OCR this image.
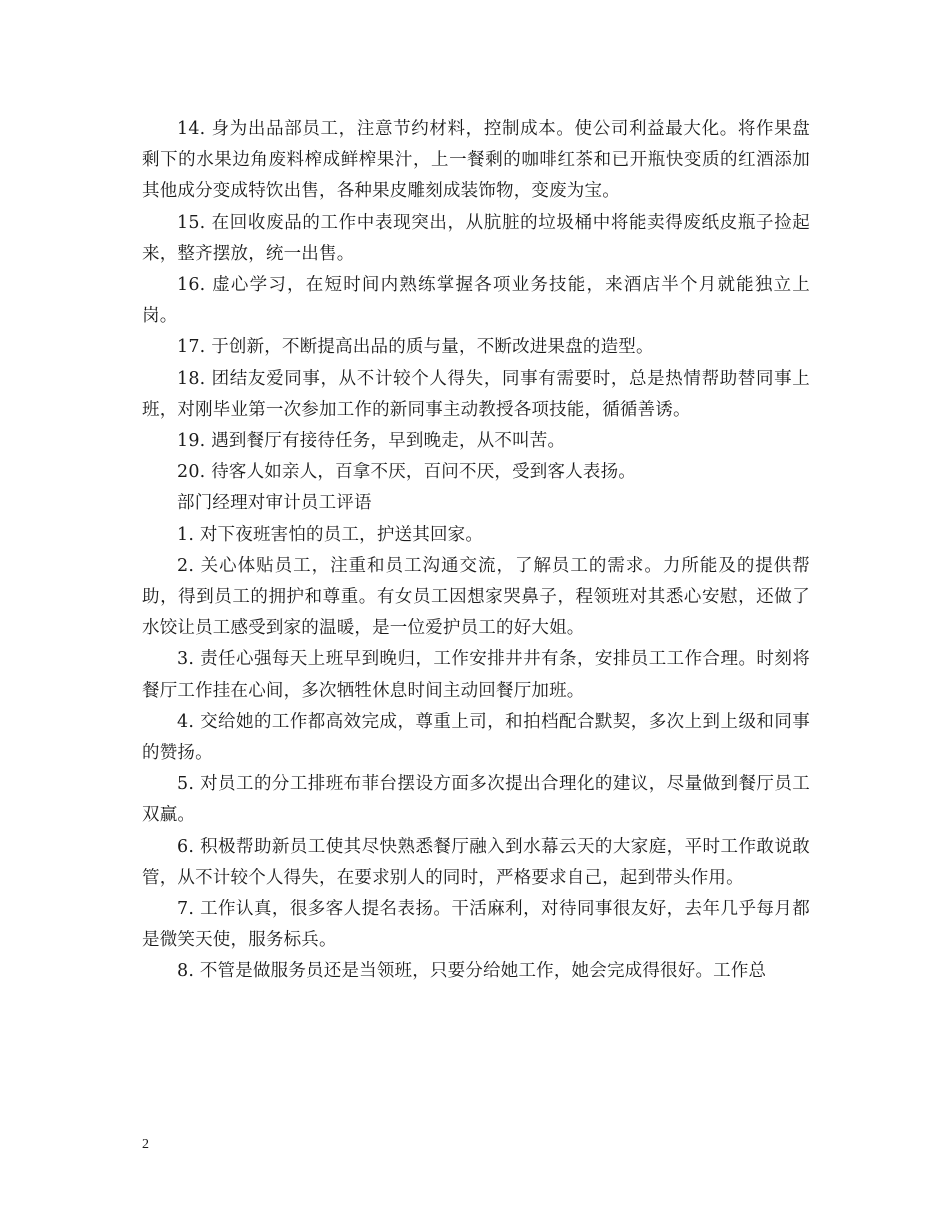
14. 身为出品部员工，注意节约材料，控制成本。使公司利益最大化。将作果盘剩下的水果边角废料榨成鲜榨果汁，上一餐剩的咖啡红茶和已开瓶快变质的红酒添加其他成分变成特饮出售，各种果皮雕刻成装饰物，变废为宝。

15. 在回收废品的工作中表现突出，从肮脏的垃圾桶中将能卖得废纸皮瓶子捡起来，整齐摆放，统一出售。

16. 虚心学习，在短时间内熟练掌握各项业务技能，来酒店半个月就能独立上岗。

17. 于创新，不断提高出品的质与量，不断改进果盘的造型。

18. 团结友爱同事，从不计较个人得失，同事有需要时，总是热情帮助替同事上班，对刚毕业第一次参加工作的新同事主动教授各项技能，循循善诱。

19. 遇到餐厅有接待任务，早到晚走，从不叫苦。

20. 待客人如亲人，百拿不厌，百问不厌，受到客人表扬。

部门经理对审计员工评语

1. 对下夜班害怕的员工，护送其回家。

2. 关心体贴员工，注重和员工沟通交流，了解员工的需求。力所能及的提供帮助，得到员工的拥护和尊重。有女员工因想家哭鼻子，程领班对其悉心安慰，还做了水饺让员工感受到家的温暖，是一位爱护员工的好大姐。

3. 责任心强每天上班早到晚归，工作安排井井有条，安排员工工作合理。时刻将餐厅工作挂在心间，多次牺牲休息时间主动回餐厅加班。

4. 交给她的工作都高效完成，尊重上司，和拍档配合默契，多次上到上级和同事的赞扬。

5. 对员工的分工排班布菲台摆设方面多次提出合理化的建议，尽量做到餐厅员工双赢。

6. 积极帮助新员工使其尽快熟悉餐厅融入到水幕云天的大家庭，平时工作敢说敢管，从不计较个人得失，在要求别人的同时，严格要求自己，起到带头作用。

7. 工作认真，很多客人提名表扬。干活麻利，对待同事很友好，去年几乎每月都是微笑天使，服务标兵。

8. 不管是做服务员还是当领班，只要分给她工作，她会完成得很好。工作总

2
